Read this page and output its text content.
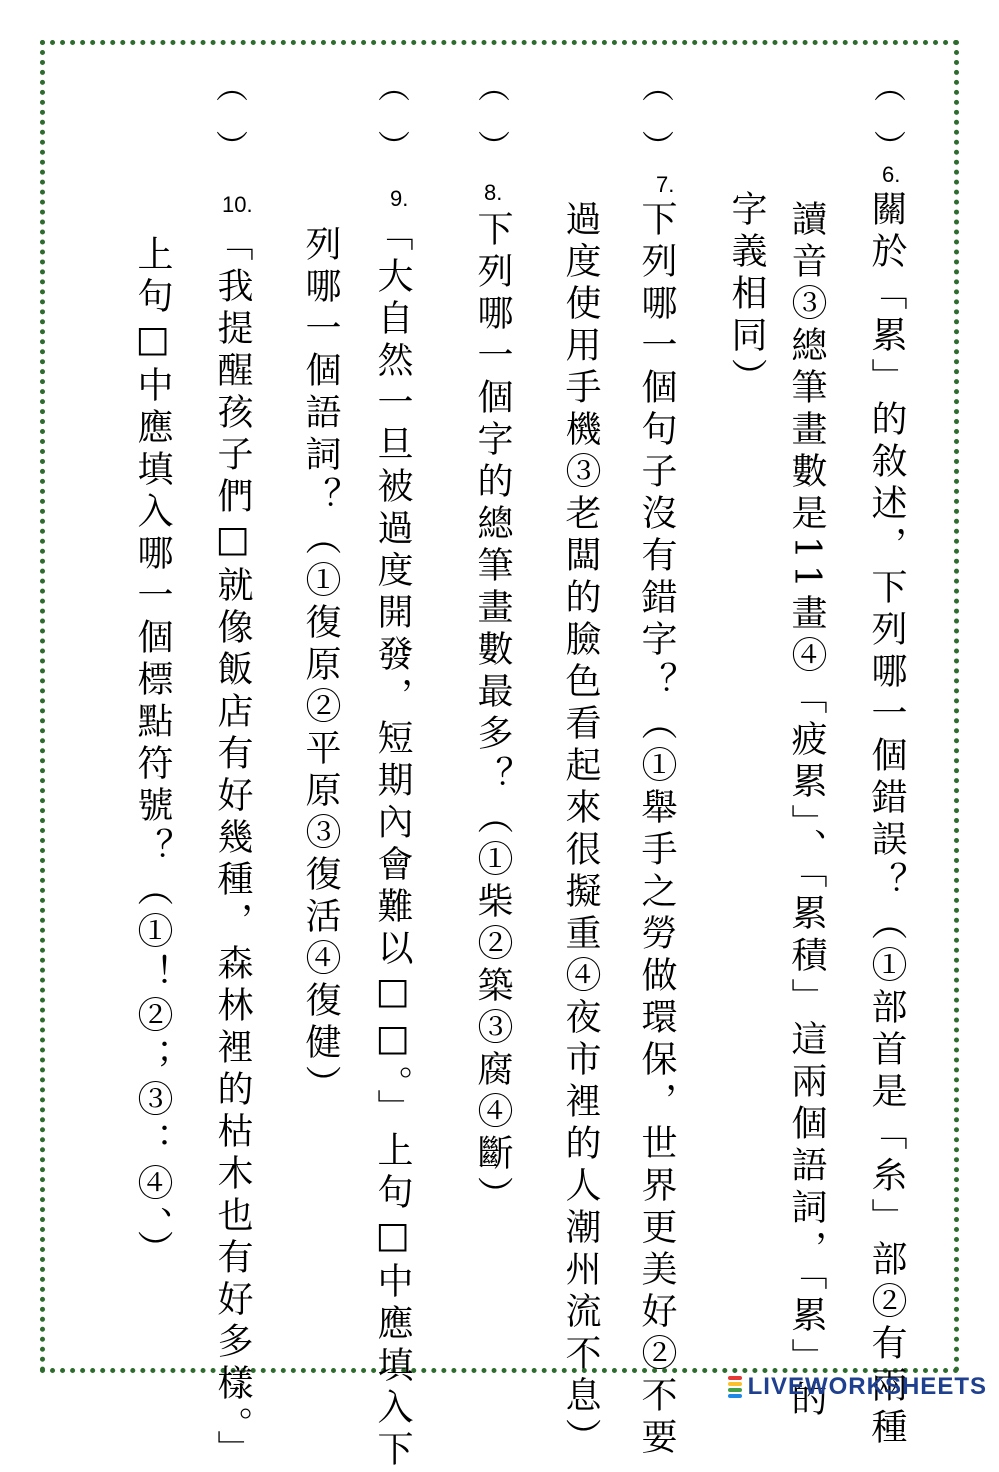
︵
︶
6.
關於「累」的敘述，下列哪一個錯誤？（①部首是「糸」部②有兩種
讀音③總筆畫數是11畫④「疲累」、「累積」這兩個語詞，「累」的
字義相同）
︵
︶
7.
下列哪一個句子沒有錯字？（①舉手之勞做環保，世界更美好②不要
過度使用手機③老闆的臉色看起來很擬重④夜市裡的人潮州流不息）
︵
︶
8.
下列哪一個字的總筆畫數最多？（①柴②築③腐④斷）
︵
︶
9.
「大自然一旦被過度開發，短期內會難以□□。」上句□中應填入下
列哪一個語詞？（①復原②平原③復活④復健）
︵
︶
10.
「我提醒孩子們□就像飯店有好幾種，森林裡的枯木也有好多樣。」
上句□中應填入哪一個標點符號？（①！②；③：④、）
LIVEWORKSHEETS
